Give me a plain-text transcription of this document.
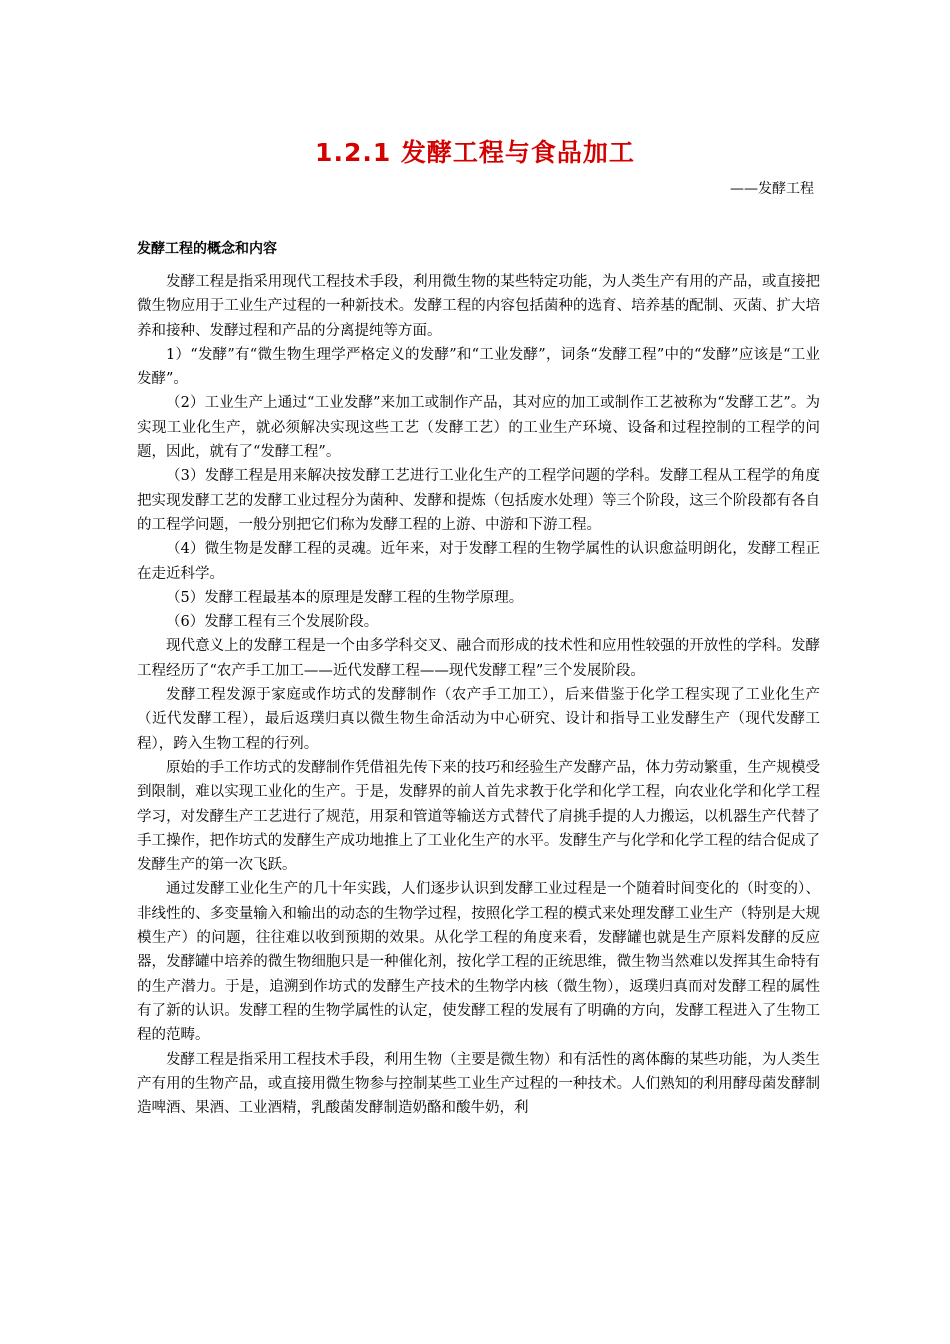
1.2.1 发酵工程与食品加工

——发酵工程

发酵工程的概念和内容

发酵工程是指采用现代工程技术手段，利用微生物的某些特定功能，为人类生产有用的产品，或直接把微生物应用于工业生产过程的一种新技术。发酵工程的内容包括菌种的选育、培养基的配制、灭菌、扩大培养和接种、发酵过程和产品的分离提纯等方面。

1）“发酵”有“微生物生理学严格定义的发酵”和“工业发酵”，词条“发酵工程”中的“发酵”应该是“工业发酵”。

（2）工业生产上通过“工业发酵”来加工或制作产品，其对应的加工或制作工艺被称为“发酵工艺”。为实现工业化生产，就必须解决实现这些工艺（发酵工艺）的工业生产环境、设备和过程控制的工程学的问题，因此，就有了“发酵工程”。

（3）发酵工程是用来解决按发酵工艺进行工业化生产的工程学问题的学科。发酵工程从工程学的角度把实现发酵工艺的发酵工业过程分为菌种、发酵和提炼（包括废水处理）等三个阶段，这三个阶段都有各自的工程学问题，一般分别把它们称为发酵工程的上游、中游和下游工程。

（4）微生物是发酵工程的灵魂。近年来，对于发酵工程的生物学属性的认识愈益明朗化，发酵工程正在走近科学。

（5）发酵工程最基本的原理是发酵工程的生物学原理。

（6）发酵工程有三个发展阶段。

现代意义上的发酵工程是一个由多学科交叉、融合而形成的技术性和应用性较强的开放性的学科。发酵工程经历了“农产手工加工——近代发酵工程——现代发酵工程”三个发展阶段。

发酵工程发源于家庭或作坊式的发酵制作（农产手工加工），后来借鉴于化学工程实现了工业化生产（近代发酵工程），最后返璞归真以微生物生命活动为中心研究、设计和指导工业发酵生产（现代发酵工程），跨入生物工程的行列。

原始的手工作坊式的发酵制作凭借祖先传下来的技巧和经验生产发酵产品，体力劳动繁重，生产规模受到限制，难以实现工业化的生产。于是，发酵界的前人首先求教于化学和化学工程，向农业化学和化学工程学习，对发酵生产工艺进行了规范，用泵和管道等输送方式替代了肩挑手提的人力搬运，以机器生产代替了手工操作，把作坊式的发酵生产成功地推上了工业化生产的水平。发酵生产与化学和化学工程的结合促成了发酵生产的第一次飞跃。

通过发酵工业化生产的几十年实践，人们逐步认识到发酵工业过程是一个随着时间变化的（时变的）、非线性的、多变量输入和输出的动态的生物学过程，按照化学工程的模式来处理发酵工业生产（特别是大规模生产）的问题，往往难以收到预期的效果。从化学工程的角度来看，发酵罐也就是生产原料发酵的反应器，发酵罐中培养的微生物细胞只是一种催化剂，按化学工程的正统思维，微生物当然难以发挥其生命特有的生产潜力。于是，追溯到作坊式的发酵生产技术的生物学内核（微生物），返璞归真而对发酵工程的属性有了新的认识。发酵工程的生物学属性的认定，使发酵工程的发展有了明确的方向，发酵工程进入了生物工程的范畴。

发酵工程是指采用工程技术手段，利用生物（主要是微生物）和有活性的离体酶的某些功能，为人类生产有用的生物产品，或直接用微生物参与控制某些工业生产过程的一种技术。人们熟知的利用酵母菌发酵制造啤酒、果酒、工业酒精，乳酸菌发酵制造奶酪和酸牛奶，利
